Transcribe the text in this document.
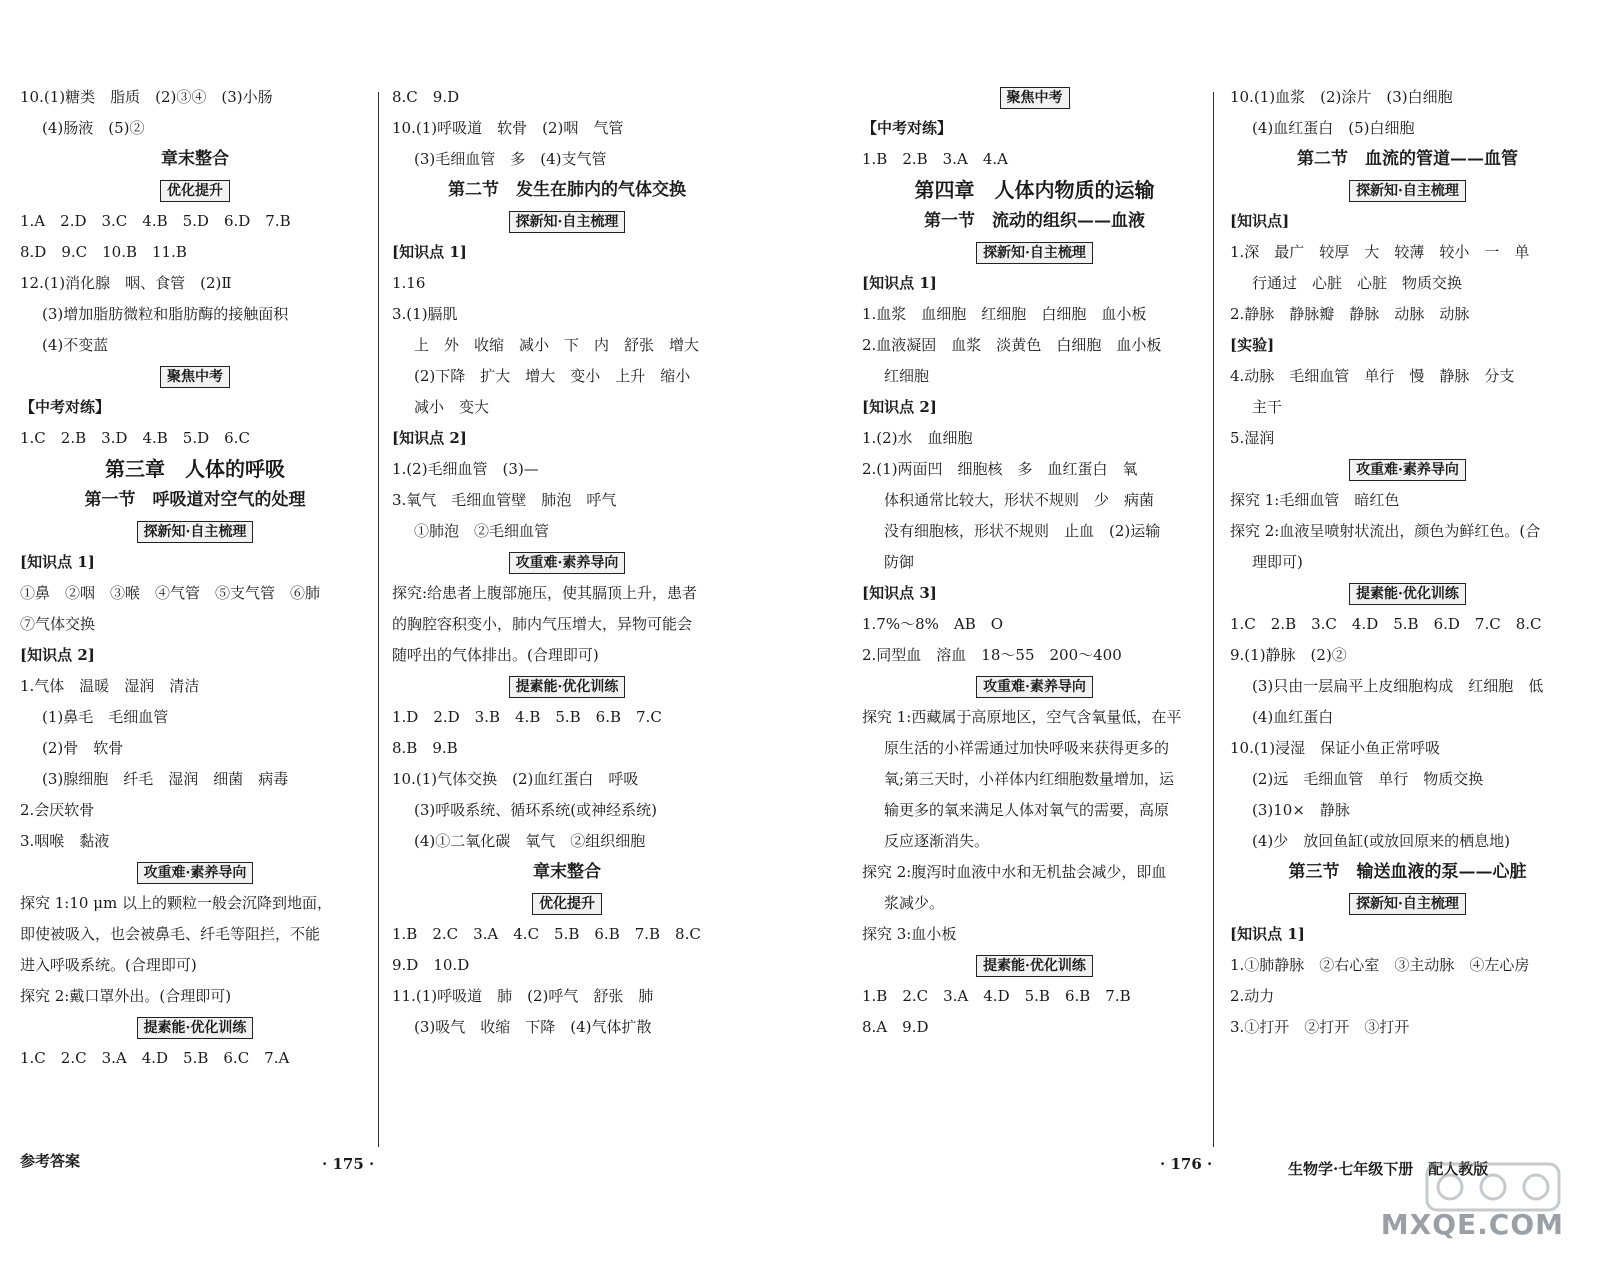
10.(1)糖类　脂质　(2)③④　(3)小肠
(4)肠液　(5)②
章末整合
优化提升
1.A　2.D　3.C　4.B　5.D　6.D　7.B
8.D　9.C　10.B　11.B
12.(1)消化腺　咽、食管　(2)Ⅱ
(3)增加脂肪微粒和脂肪酶的接触面积
(4)不变蓝
聚焦中考
【中考对练】
1.C　2.B　3.D　4.B　5.D　6.C
第三章　人体的呼吸
第一节　呼吸道对空气的处理
探新知·自主梳理
[知识点 1]
①鼻　②咽　③喉　④气管　⑤支气管　⑥肺
⑦气体交换
[知识点 2]
1.气体　温暖　湿润　清洁
(1)鼻毛　毛细血管
(2)骨　软骨
(3)腺细胞　纤毛　湿润　细菌　病毒
2.会厌软骨
3.咽喉　黏液
攻重难·素养导向
探究 1:10 μm 以上的颗粒一般会沉降到地面，
即使被吸入，也会被鼻毛、纤毛等阻拦，不能
进入呼吸系统。(合理即可)
探究 2:戴口罩外出。(合理即可)
提素能·优化训练
1.C　2.C　3.A　4.D　5.B　6.C　7.A
8.C　9.D
10.(1)呼吸道　软骨　(2)咽　气管
(3)毛细血管　多　(4)支气管
第二节　发生在肺内的气体交换
探新知·自主梳理
[知识点 1]
1.16
3.(1)膈肌
上　外　收缩　减小　下　内　舒张　增大
(2)下降　扩大　增大　变小　上升　缩小
减小　变大
[知识点 2]
1.(2)毛细血管　(3)—
3.氧气　毛细血管壁　肺泡　呼气
①肺泡　②毛细血管
攻重难·素养导向
探究:给患者上腹部施压，使其膈顶上升，患者
的胸腔容积变小，肺内气压增大，异物可能会
随呼出的气体排出。(合理即可)
提素能·优化训练
1.D　2.D　3.B　4.B　5.B　6.B　7.C
8.B　9.B
10.(1)气体交换　(2)血红蛋白　呼吸
(3)呼吸系统、循环系统(或神经系统)
(4)①二氧化碳　氧气　②组织细胞
章末整合
优化提升
1.B　2.C　3.A　4.C　5.B　6.B　7.B　8.C
9.D　10.D
11.(1)呼吸道　肺　(2)呼气　舒张　肺
(3)吸气　收缩　下降　(4)气体扩散
聚焦中考
【中考对练】
1.B　2.B　3.A　4.A
第四章　人体内物质的运输
第一节　流动的组织——血液
探新知·自主梳理
[知识点 1]
1.血浆　血细胞　红细胞　白细胞　血小板
2.血液凝固　血浆　淡黄色　白细胞　血小板
红细胞
[知识点 2]
1.(2)水　血细胞
2.(1)两面凹　细胞核　多　血红蛋白　氧
体积通常比较大，形状不规则　少　病菌
没有细胞核，形状不规则　止血　(2)运输
防御
[知识点 3]
1.7%～8%　AB　O
2.同型血　溶血　18～55　200～400
攻重难·素养导向
探究 1:西藏属于高原地区，空气含氧量低，在平
原生活的小祥需通过加快呼吸来获得更多的
氧;第三天时，小祥体内红细胞数量增加，运
输更多的氧来满足人体对氧气的需要，高原
反应逐渐消失。
探究 2:腹泻时血液中水和无机盐会减少，即血
浆减少。
探究 3:血小板
提素能·优化训练
1.B　2.C　3.A　4.D　5.B　6.B　7.B
8.A　9.D
10.(1)血浆　(2)涂片　(3)白细胞
(4)血红蛋白　(5)白细胞
第二节　血流的管道——血管
探新知·自主梳理
[知识点]
1.深　最广　较厚　大　较薄　较小　一　单
行通过　心脏　心脏　物质交换
2.静脉　静脉瓣　静脉　动脉　动脉
[实验]
4.动脉　毛细血管　单行　慢　静脉　分支
主干
5.湿润
攻重难·素养导向
探究 1:毛细血管　暗红色
探究 2:血液呈喷射状流出，颜色为鲜红色。(合
理即可)
提素能·优化训练
1.C　2.B　3.C　4.D　5.B　6.D　7.C　8.C
9.(1)静脉　(2)②
(3)只由一层扁平上皮细胞构成　红细胞　低
(4)血红蛋白
10.(1)浸湿　保证小鱼正常呼吸
(2)远　毛细血管　单行　物质交换
(3)10×　静脉
(4)少　放回鱼缸(或放回原来的栖息地)
第三节　输送血液的泵——心脏
探新知·自主梳理
[知识点 1]
1.①肺静脉　②右心室　③主动脉　④左心房
2.动力
3.①打开　②打开　③打开
参考答案	· 175 ·	· 176 ·	生物学·七年级下册　配人教版
MXQE.COM
